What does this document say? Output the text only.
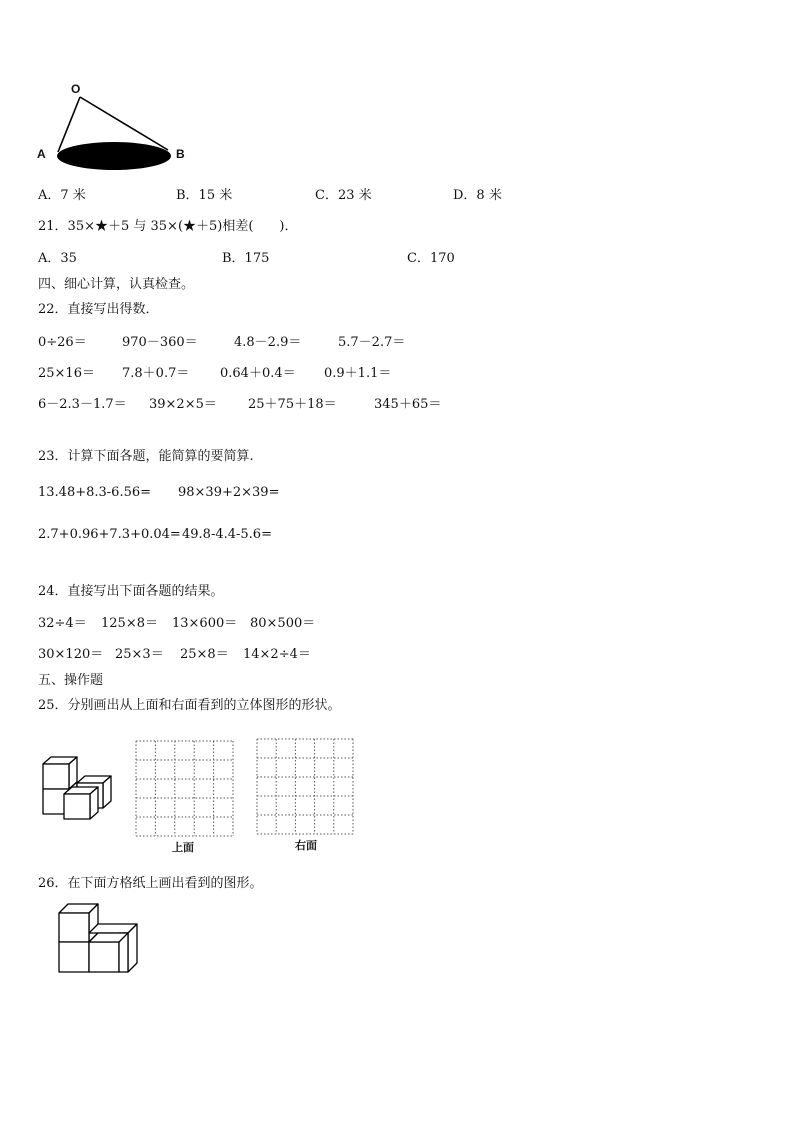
O
A	B
A．7 米	B．15 米	C．23 米	D．8 米
21．35×★＋5 与 35×(★＋5)相差(　　)．
A．35	B．175	C．170
四、细心计算，认真检查。
22．直接写出得数．
0÷26＝	970－360＝	4.8－2.9＝	5.7－2.7＝
25×16＝ 7.8＋0.7＝ 0.64＋0.4＝ 0.9＋1.1＝
6－2.3－1.7＝ 39×2×5＝ 25＋75＋18＝	345＋65＝
23．计算下面各题，能简算的要简算.
13.48+8.3-6.56= 98×39+2×39=
2.7+0.96+7.3+0.04= 49.8-4.4-5.6=
24．直接写出下面各题的结果。
32÷4＝ 125×8＝ 13×600＝ 80×500＝
30×120＝ 25×3＝ 25×8＝ 14×2÷4＝
五、操作题
25．分别画出从上面和右面看到的立体图形的形状。
上面	右面
26．在下面方格纸上画出看到的图形。
